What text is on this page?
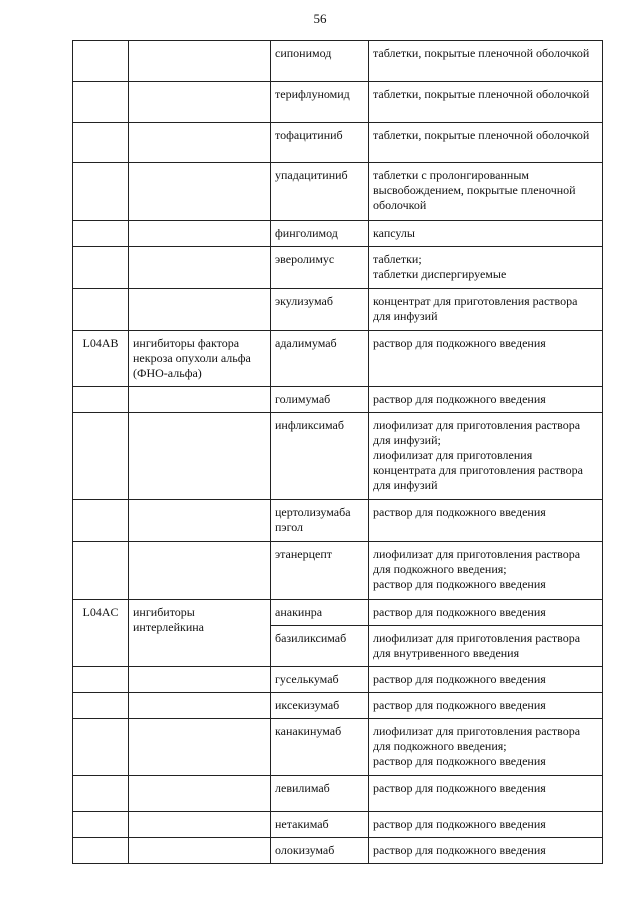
56
		сипонимод	таблетки, покрытые пленочной оболочкой
		терифлуномид	таблетки, покрытые пленочной оболочкой
		тофацитиниб	таблетки, покрытые пленочной оболочкой
		упадацитиниб	таблетки с пролонгированным высвобождением, покрытые пленочной оболочкой
		финголимод	капсулы
		эверолимус	таблетки;
таблетки диспергируемые
		экулизумаб	концентрат для приготовления раствора для инфузий
L04AB	ингибиторы фактора некроза опухоли альфа (ФНО-альфа)	адалимумаб	раствор для подкожного введения
		голимумаб	раствор для подкожного введения
		инфликсимаб	лиофилизат для приготовления раствора для инфузий;
лиофилизат для приготовления концентрата для приготовления раствора для инфузий
		цертолизумаба пэгол	раствор для подкожного введения
		этанерцепт	лиофилизат для приготовления раствора для подкожного введения;
раствор для подкожного введения
L04AC	ингибиторы интерлейкина	анакинра	раствор для подкожного введения
		базиликсимаб	лиофилизат для приготовления раствора для внутривенного введения
		гуселькумаб	раствор для подкожного введения
		иксекизумаб	раствор для подкожного введения
		канакинумаб	лиофилизат для приготовления раствора для подкожного введения;
раствор для подкожного введения
		левилимаб	раствор для подкожного введения
		нетакимаб	раствор для подкожного введения
		олокизумаб	раствор для подкожного введения
